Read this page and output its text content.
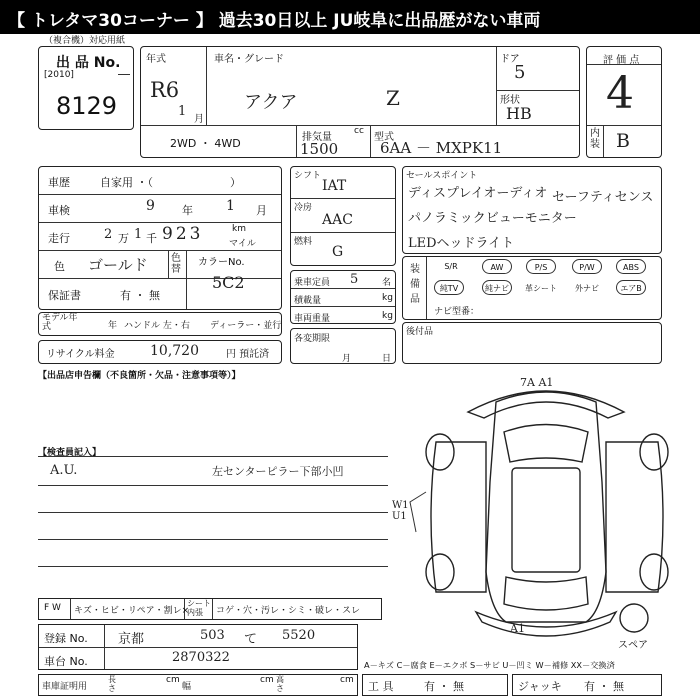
【 トレタマ30コーナー 】 過去30日以上 JU岐阜に出品歴がない車両
（複合機）対応用紙
出 品 No.
[2010]
8129
年式
R6
1
月
車名・グレード
アクア	Z
ドア
5
形状
HB
2WD ・ 4WD	排気量
cc
1500
型式
6AA － MXPK11
評 価 点
4
内装 B
車歴	自家用 ・（　　　　　　　）
車検	9 年 1 月
走行	2 万 1 千 923	km
マイル
色 ゴールド 色替
カラーNo.
5C2
保証書	有 ・ 無
モデル年式	年 ハンドル 左・右 ディーラー・並行
リサイクル料金	10,720	円 預託済
シフト
IAT
冷房
AAC
燃料
G
乗車定員 5	名
積載量	kg
車両重量	kg
各変期限
月	日
セールスポイント
ディスプレイオーディオ セーフティセンス
パノラミックビューモニター
LEDヘッドライト
装備品
S/R	AW	P/S	P/W	ABS
純TV	純ナビ	革シート	外ナビ	エアB
ナビ型番：
後付品
【出品店申告欄（不良箇所・欠品・注意事項等）】
【検査員記入】
A.U.	左センターピラー下部小凹
7A A1
W1 U1
A1
スペア
F W キズ・ヒビ・リペア・割レ×
シート内張	コゲ・穴・汚レ・シミ・破レ・スレ
登録 No. 京都	503 て 5520
車台 No.	2870322	A－キズ C－腐食 E－エクボ S－サビ U－凹ミ W－補修 XX－交換済
車庫証明用
長さ
cm
幅
cm 高さ
cm 工 具	有 ・ 無	ジャッキ 有 ・ 無
